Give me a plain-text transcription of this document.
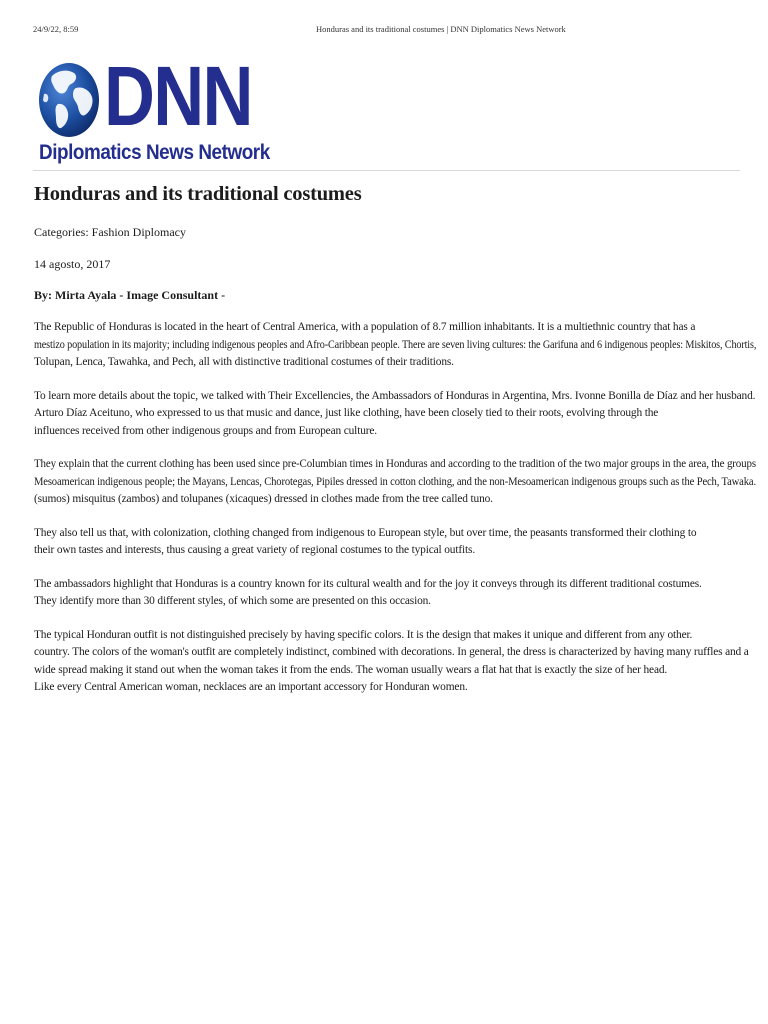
24/9/22, 8:59	Honduras and its traditional costumes | DNN Diplomatics News Network
DNN
Diplomatics News Network
Honduras and its traditional costumes

Categories: Fashion Diplomacy

14 agosto, 2017

By: Mirta Ayala - Image Consultant -

The Republic of Honduras is located in the heart of Central America, with a population of 8.7 million inhabitants. It is a multiethnic country that has a
mestizo population in its majority; including indigenous peoples and Afro-Caribbean people. There are seven living cultures: the Garifuna and 6 indigenous peoples: Miskitos, Chortis,
Tolupan, Lenca, Tawahka, and Pech, all with distinctive traditional costumes of their traditions.

To learn more details about the topic, we talked with Their Excellencies, the Ambassadors of Honduras in Argentina, Mrs. Ivonne Bonilla de Díaz and her husband.
Arturo Díaz Aceituno, who expressed to us that music and dance, just like clothing, have been closely tied to their roots, evolving through the
influences received from other indigenous groups and from European culture.

They explain that the current clothing has been used since pre-Columbian times in Honduras and according to the tradition of the two major groups in the area, the groups
Mesoamerican indigenous people; the Mayans, Lencas, Chorotegas, Pipiles dressed in cotton clothing, and the non-Mesoamerican indigenous groups such as the Pech, Tawaka.
(sumos) misquitus (zambos) and tolupanes (xicaques) dressed in clothes made from the tree called tuno.

They also tell us that, with colonization, clothing changed from indigenous to European style, but over time, the peasants transformed their clothing to
their own tastes and interests, thus causing a great variety of regional costumes to the typical outfits.

The ambassadors highlight that Honduras is a country known for its cultural wealth and for the joy it conveys through its different traditional costumes.
They identify more than 30 different styles, of which some are presented on this occasion.

The typical Honduran outfit is not distinguished precisely by having specific colors. It is the design that makes it unique and different from any other.
country. The colors of the woman's outfit are completely indistinct, combined with decorations. In general, the dress is characterized by having many ruffles and a
wide spread making it stand out when the woman takes it from the ends. The woman usually wears a flat hat that is exactly the size of her head.
Like every Central American woman, necklaces are an important accessory for Honduran women.
